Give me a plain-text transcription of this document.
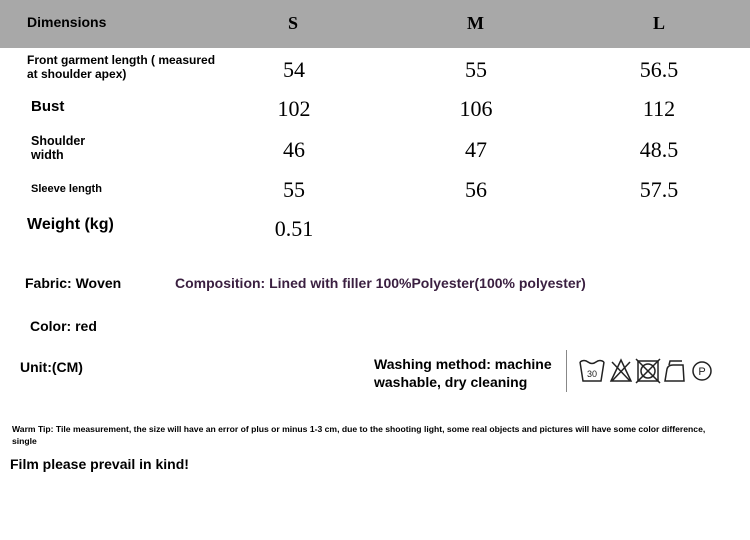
Dimensions	S	M	L
Front garment length ( measured at shoulder apex)	54	55	56.5
Bust	102	106	112
Shoulder width	46	47	48.5
Sleeve length	55	56	57.5
Weight (kg)	0.51
Fabric: Woven	Composition: Lined with filler 100%Polyester(100% polyester)
Color: red
Unit:(CM)	Washing method: machine
washable, dry cleaning	30	P
Warm Tip: Tile measurement, the size will have an error of plus or minus 1-3 cm, due to the shooting light, some real objects and pictures will have some color difference, single
Film please prevail in kind!
